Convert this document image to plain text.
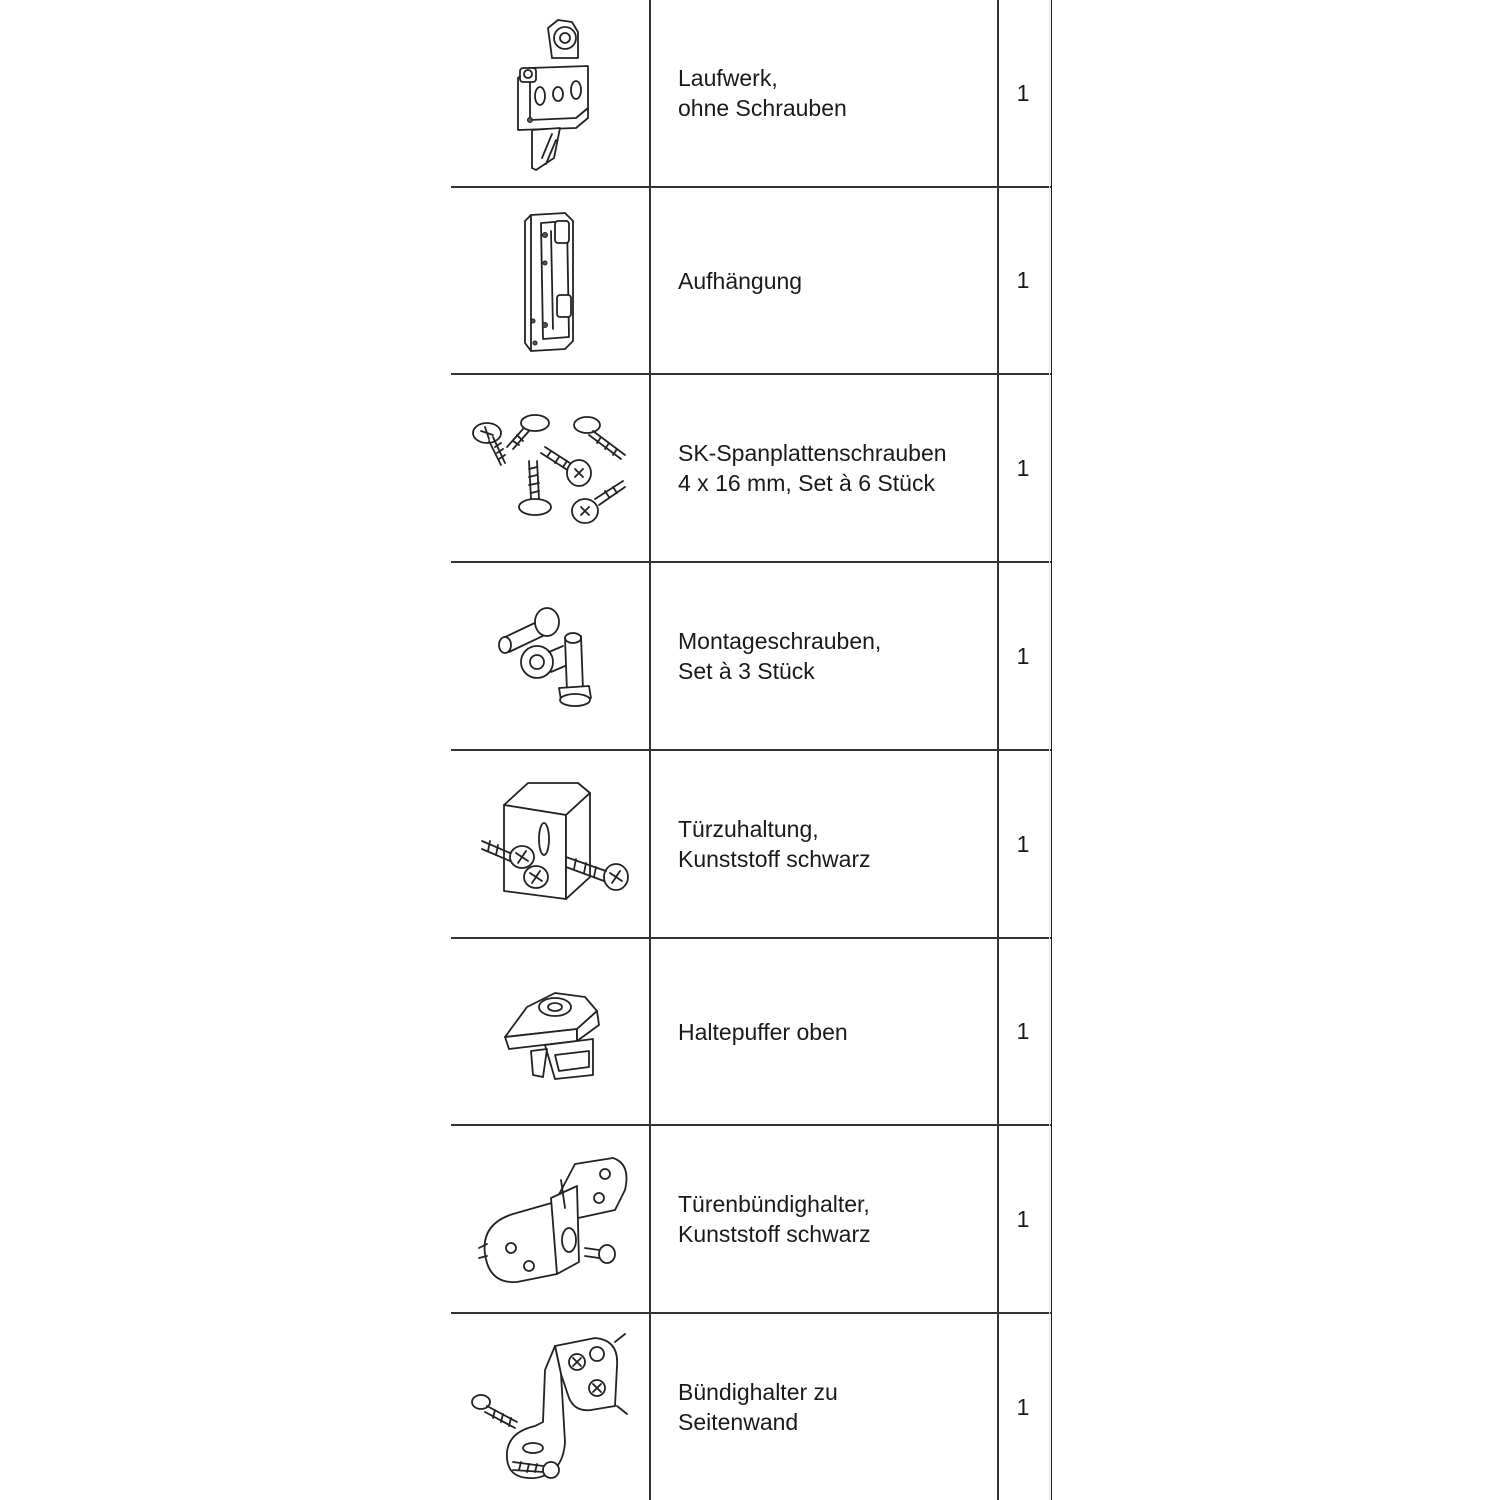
Laufwerk,
ohne Schrauben
1
Aufhängung	1
SK-Spanplattenschrauben
4 x 16 mm, Set à 6 Stück
1
Montageschrauben,
Set à 3 Stück
1
Türzuhaltung,
Kunststoff schwarz
1
Haltepuffer oben	1
Türenbündighalter,
Kunststoff schwarz
1
Bündighalter zu
Seitenwand
1
